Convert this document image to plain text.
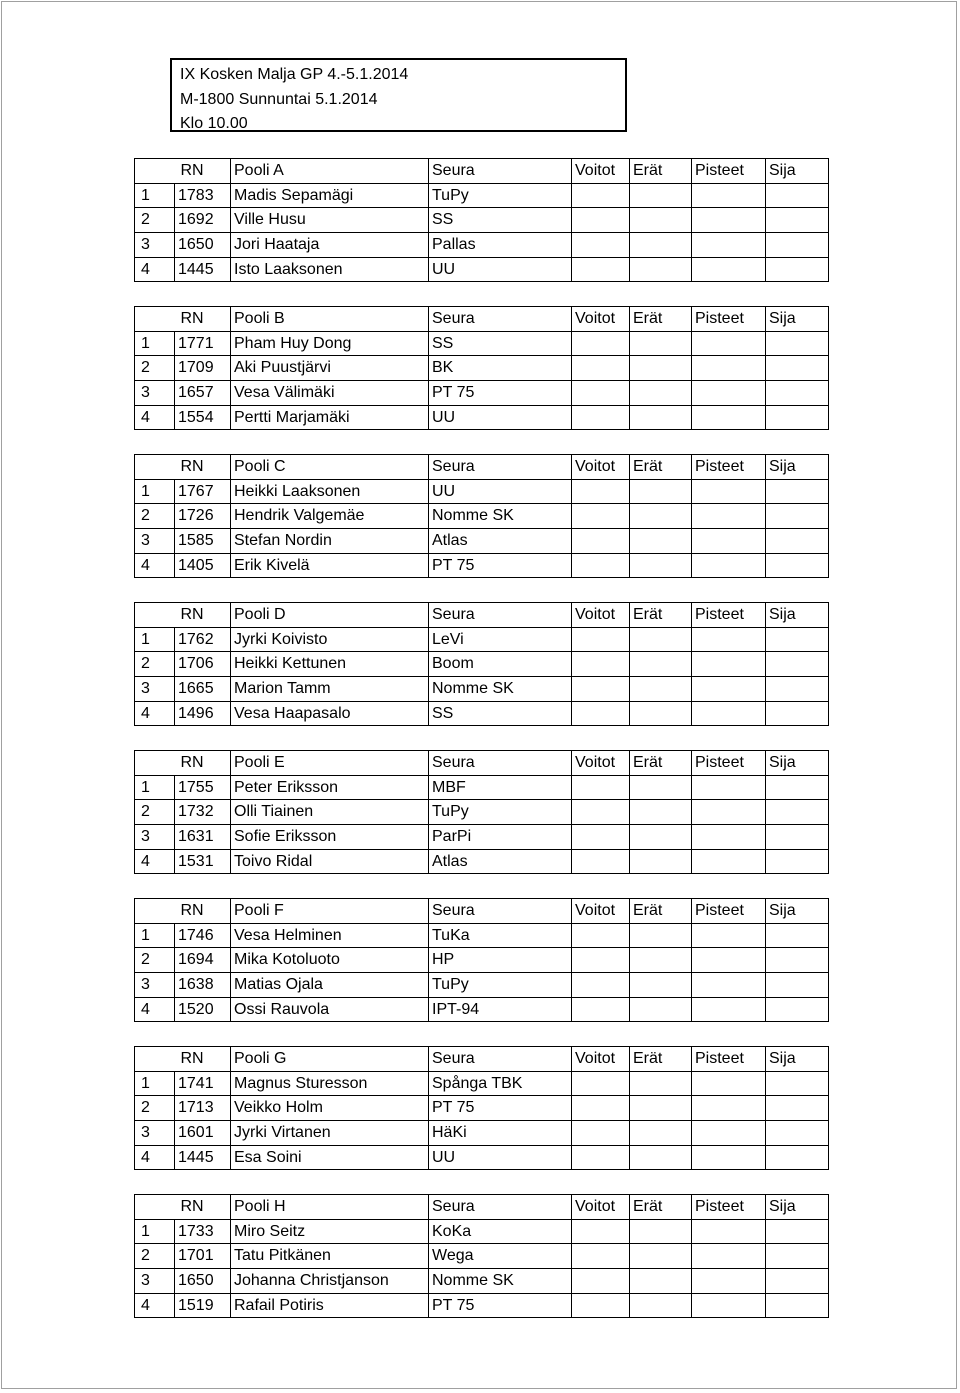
IX Kosken Malja GP 4.-5.1.2014
M-1800 Sunnuntai 5.1.2014
Klo 10.00
	RN	Pooli A	Seura	Voitot	Erät	Pisteet	Sija
1	1783	Madis Sepamägi	TuPy				
2	1692	Ville Husu	SS				
3	1650	Jori Haataja	Pallas				
4	1445	Isto Laaksonen	UU				
	RN	Pooli B	Seura	Voitot	Erät	Pisteet	Sija
1	1771	Pham Huy Dong	SS				
2	1709	Aki Puustjärvi	BK				
3	1657	Vesa Välimäki	PT 75				
4	1554	Pertti Marjamäki	UU				
	RN	Pooli C	Seura	Voitot	Erät	Pisteet	Sija
1	1767	Heikki Laaksonen	UU				
2	1726	Hendrik Valgemäe	Nomme SK				
3	1585	Stefan Nordin	Atlas				
4	1405	Erik Kivelä	PT 75				
	RN	Pooli D	Seura	Voitot	Erät	Pisteet	Sija
1	1762	Jyrki Koivisto	LeVi				
2	1706	Heikki Kettunen	Boom				
3	1665	Marion Tamm	Nomme SK				
4	1496	Vesa Haapasalo	SS				
	RN	Pooli E	Seura	Voitot	Erät	Pisteet	Sija
1	1755	Peter Eriksson	MBF				
2	1732	Olli Tiainen	TuPy				
3	1631	Sofie Eriksson	ParPi				
4	1531	Toivo Ridal	Atlas				
	RN	Pooli F	Seura	Voitot	Erät	Pisteet	Sija
1	1746	Vesa Helminen	TuKa				
2	1694	Mika Kotoluoto	HP				
3	1638	Matias Ojala	TuPy				
4	1520	Ossi Rauvola	IPT-94				
	RN	Pooli G	Seura	Voitot	Erät	Pisteet	Sija
1	1741	Magnus Sturesson	Spånga TBK				
2	1713	Veikko Holm	PT 75				
3	1601	Jyrki Virtanen	HäKi				
4	1445	Esa Soini	UU				
	RN	Pooli H	Seura	Voitot	Erät	Pisteet	Sija
1	1733	Miro Seitz	KoKa				
2	1701	Tatu Pitkänen	Wega				
3	1650	Johanna Christjanson	Nomme SK				
4	1519	Rafail Potiris	PT 75				
